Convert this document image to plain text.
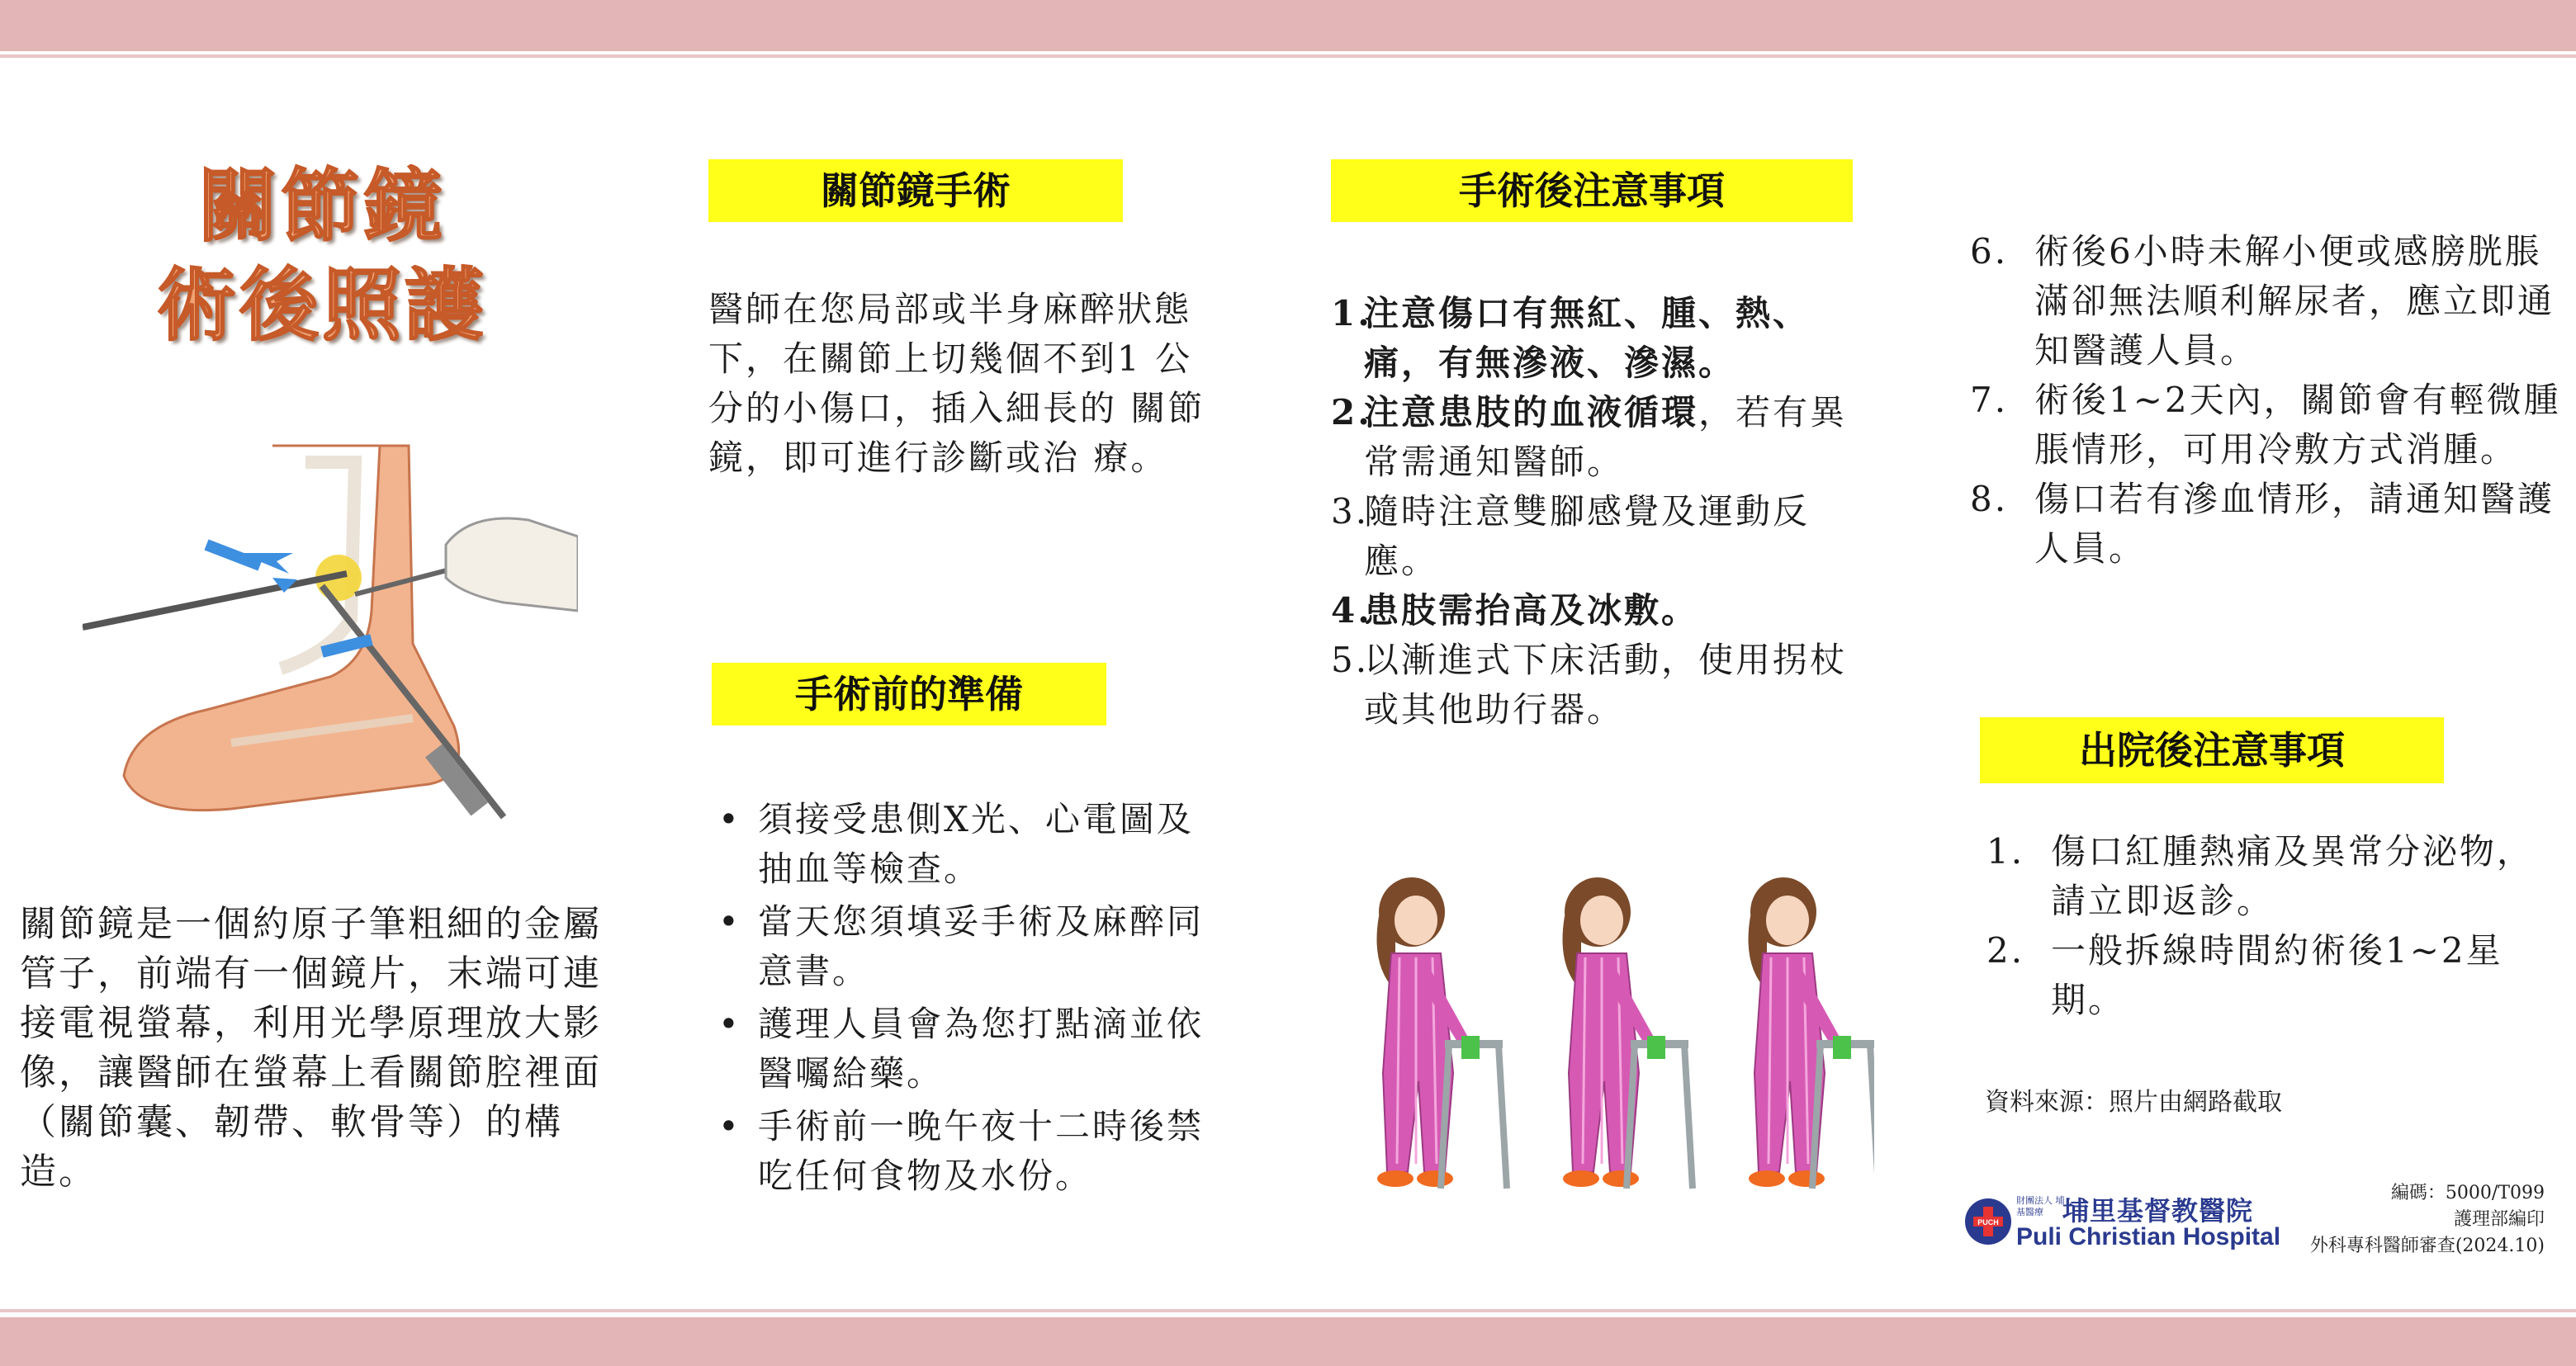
關節鏡
術後照護
關節鏡是一個約原子筆粗細的金屬管子，前端有一個鏡片，末端可連接電視螢幕，利用光學原理放大影像，讓醫師在螢幕上看關節腔裡面（關節囊、韌帶、軟骨等）的構造。
關節鏡手術
醫師在您局部或半身麻醉狀態下，在關節上切幾個不到1 公分的小傷口，插入細長的 關節鏡，即可進行診斷或治 療。
手術前的準備
• 須接受患側X光、心電圖及抽血等檢查。
• 當天您須填妥手術及麻醉同意書。
• 護理人員會為您打點滴並依醫囑給藥。
• 手術前一晚午夜十二時後禁吃任何食物及水份。
手術後注意事項
1.
注意傷口有無紅、腫、熱、痛，有無滲液、滲濕。
2.
注意患肢的血液循環，若有異常需通知醫師。
3.
隨時注意雙腳感覺及運動反應。
4.
患肢需抬高及冰敷。
5.
以漸進式下床活動，使用拐杖或其他助行器。
6. 術後6小時未解小便或感膀胱脹滿卻無法順利解尿者，應立即通知醫護人員。
7. 術後1~2天內，關節會有輕微腫脹情形，可用冷敷方式消腫。
8. 傷口若有滲血情形，請通知醫護人員。
出院後注意事項
1. 傷口紅腫熱痛及異常分泌物，請立即返診。
2. 一般拆線時間約術後1~2星期。
資料來源：照片由網路截取
PUCH
財團法人 埔基醫療 埔里基督教醫院
Puli Christian Hospital
編碼：5000/T099
護理部編印
外科專科醫師審查(2024.10)
